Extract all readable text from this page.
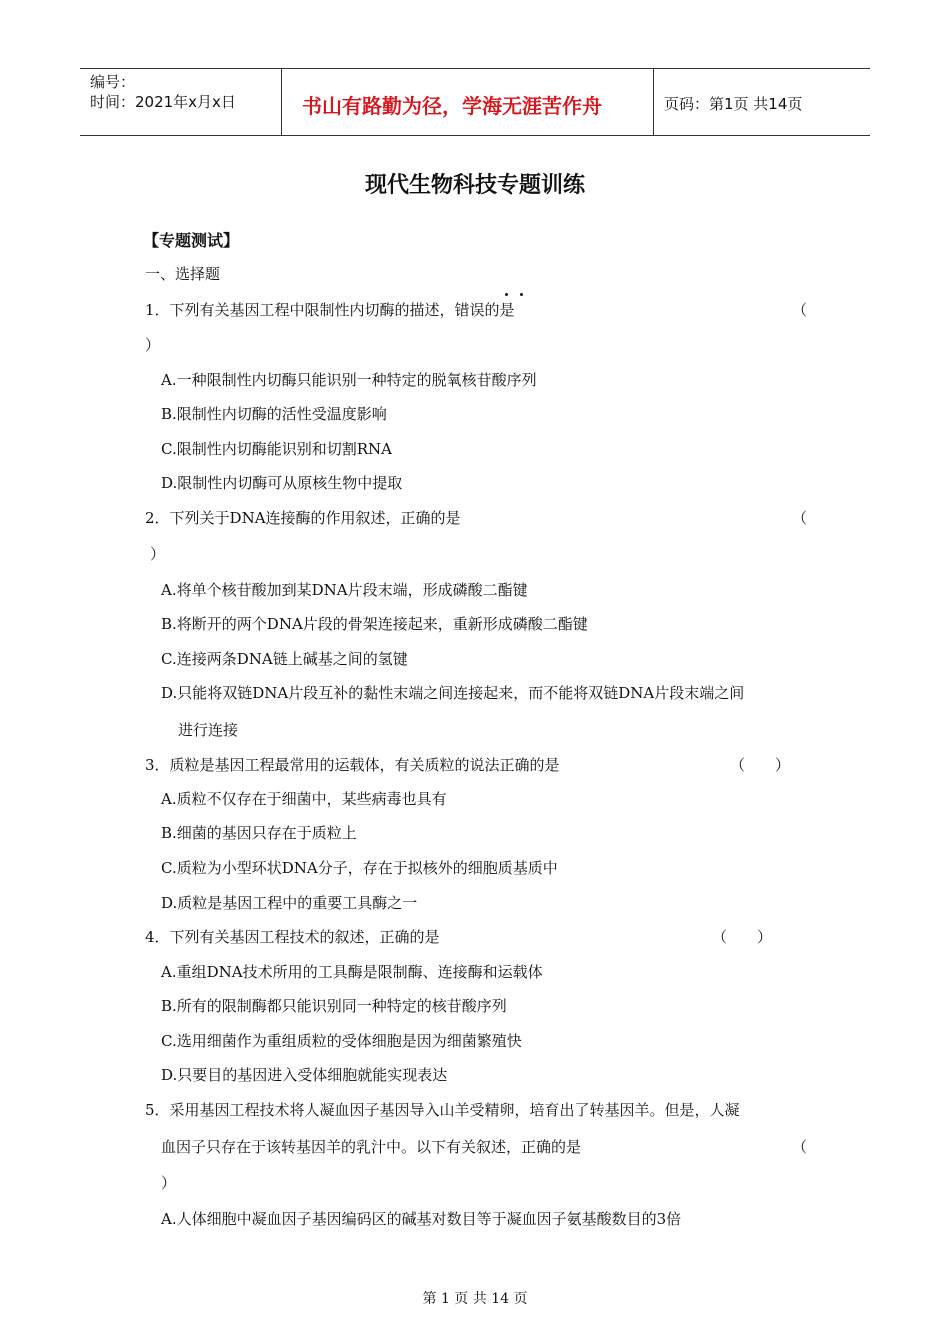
编号：
时间：2021年x月x日	书山有路勤为径，学海无涯苦作舟	页码：第1页 共14页
现代生物科技专题训练
【专题测试】
一、选择题
1．下列有关基因工程中限制性内切酶的描述，错误的是	（
）
A.一种限制性内切酶只能识别一种特定的脱氧核苷酸序列
B.限制性内切酶的活性受温度影响
C.限制性内切酶能识别和切割RNA
D.限制性内切酶可从原核生物中提取
2．下列关于DNA连接酶的作用叙述，正确的是	（
）
A.将单个核苷酸加到某DNA片段末端，形成磷酸二酯键
B.将断开的两个DNA片段的骨架连接起来，重新形成磷酸二酯键
C.连接两条DNA链上碱基之间的氢键
D.只能将双链DNA片段互补的黏性末端之间连接起来，而不能将双链DNA片段末端之间
进行连接
3．质粒是基因工程最常用的运载体，有关质粒的说法正确的是	（　　）
A.质粒不仅存在于细菌中，某些病毒也具有
B.细菌的基因只存在于质粒上
C.质粒为小型环状DNA分子，存在于拟核外的细胞质基质中
D.质粒是基因工程中的重要工具酶之一
4．下列有关基因工程技术的叙述，正确的是	（　　）
A.重组DNA技术所用的工具酶是限制酶、连接酶和运载体
B.所有的限制酶都只能识别同一种特定的核苷酸序列
C.选用细菌作为重组质粒的受体细胞是因为细菌繁殖快
D.只要目的基因进入受体细胞就能实现表达
5．采用基因工程技术将人凝血因子基因导入山羊受精卵，培育出了转基因羊。但是，人凝
血因子只存在于该转基因羊的乳汁中。以下有关叙述，正确的是	（
）
A.人体细胞中凝血因子基因编码区的碱基对数目等于凝血因子氨基酸数目的3倍
第 1 页 共 14 页
